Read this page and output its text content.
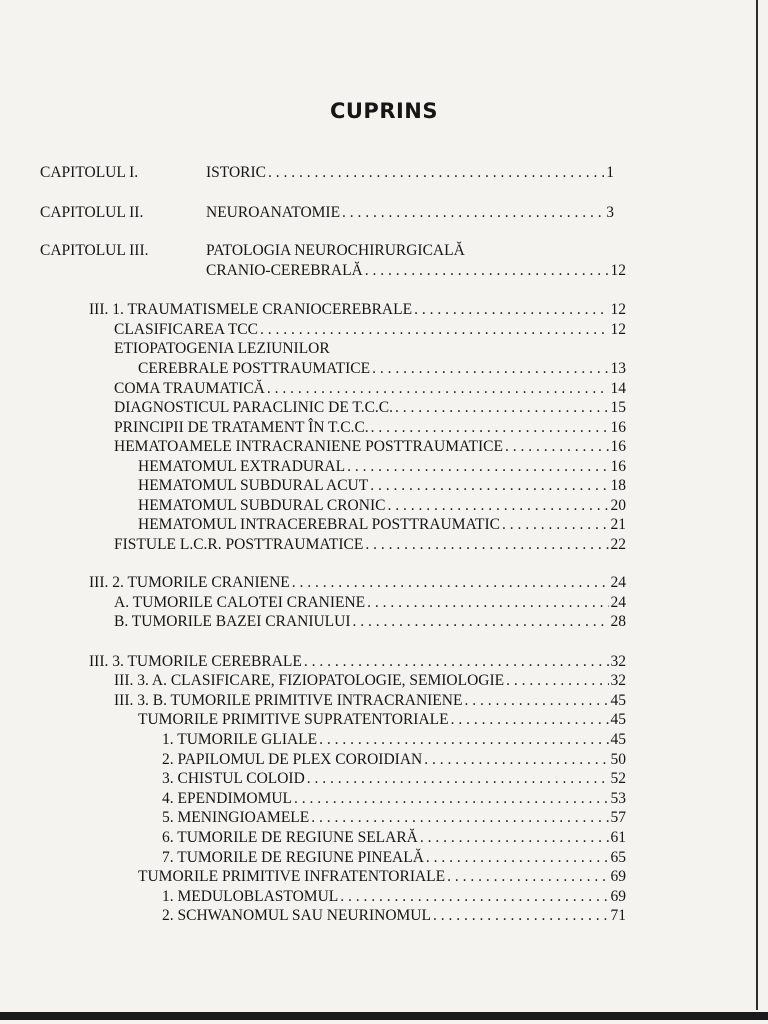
CUPRINS
CAPITOLUL I.	ISTORIC . . .	1
CAPITOLUL II.	NEUROANATOMIE . . .	3
CAPITOLUL III.	PATOLOGIA NEUROCHIRURGICALĂ
CRANIO-CEREBRALĂ . . .	12
III. 1. TRAUMATISMELE CRANIOCEREBRALE . . .	12
CLASIFICAREA TCC . . .	12
ETIOPATOGENIA LEZIUNILOR
CEREBRALE POSTTRAUMATICE . . .	13
COMA TRAUMATICĂ . . .	14
DIAGNOSTICUL PARACLINIC DE T.C.C. . . .	15
PRINCIPII DE TRATAMENT ÎN T.C.C. . . .	16
HEMATOAMELE INTRACRANIENE POSTTRAUMATICE . . .	16
HEMATOMUL EXTRADURAL . . .	16
HEMATOMUL SUBDURAL ACUT . . .	18
HEMATOMUL SUBDURAL CRONIC . . .	20
HEMATOMUL INTRACEREBRAL POSTTRAUMATIC . . .	21
FISTULE L.C.R. POSTTRAUMATICE . . .	22
III. 2. TUMORILE CRANIENE . . .	24
A. TUMORILE CALOTEI CRANIENE . . .	24
B. TUMORILE BAZEI CRANIULUI . . .	28
III. 3. TUMORILE CEREBRALE . . .	32
III. 3. A. CLASIFICARE, FIZIOPATOLOGIE, SEMIOLOGIE . . .	32
III. 3. B. TUMORILE PRIMITIVE INTRACRANIENE . . .	45
TUMORILE PRIMITIVE SUPRATENTORIALE . . .	45
1. TUMORILE GLIALE . . .	45
2. PAPILOMUL DE PLEX COROIDIAN . . .	50
3. CHISTUL COLOID . . .	52
4. EPENDIMOMUL . . .	53
5. MENINGIOAMELE . . .	57
6. TUMORILE DE REGIUNE SELARĂ . . .	61
7. TUMORILE DE REGIUNE PINEALĂ . . .	65
TUMORILE PRIMITIVE INFRATENTORIALE . . .	69
1. MEDULOBLASTOMUL . . .	69
2. SCHWANOMUL SAU NEURINOMUL . . .	71
